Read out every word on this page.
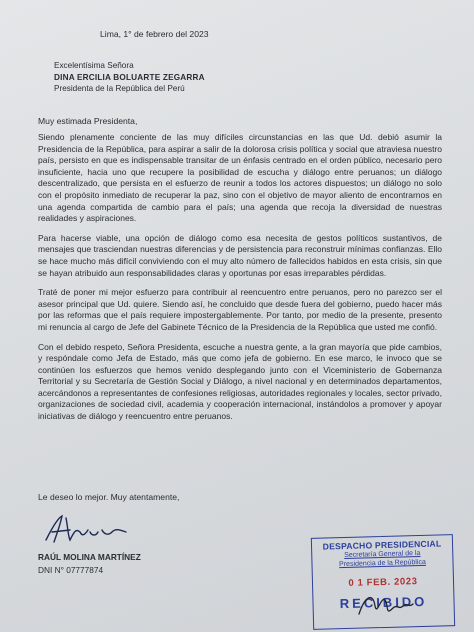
Lima, 1° de febrero del 2023
Excelentísima Señora
DINA ERCILIA BOLUARTE ZEGARRA
Presidenta de la República del Perú
Muy estimada Presidenta,

Siendo plenamente conciente de las muy difíciles circunstancias en las que Ud. debió asumir la Presidencia de la República, para aspirar a salir de la dolorosa crisis política y social que atraviesa nuestro país, persisto en que es indispensable transitar de un énfasis centrado en el orden público, necesario pero insuficiente, hacia uno que recupere la posibilidad de escucha y diálogo entre peruanos; un diálogo descentralizado, que persista en el esfuerzo de reunir a todos los actores dispuestos; un diálogo no solo con el propósito inmediato de recuperar la paz, sino con el objetivo de mayor aliento de encontrarnos en una agenda compartida de cambio para el país; una agenda que recoja la diversidad de nuestras realidades y aspiraciones.

Para hacerse viable, una opción de diálogo como esa necesita de gestos políticos sustantivos, de mensajes que trasciendan nuestras diferencias y de persistencia para reconstruir mínimas confianzas. Ello se hace mucho más difícil conviviendo con el muy alto número de fallecidos habidos en esta crisis, sin que se hayan atribuido aun responsabilidades claras y oportunas por esas irreparables pérdidas.

Traté de poner mi mejor esfuerzo para contribuir al reencuentro entre peruanos, pero no parezco ser el asesor principal que Ud. quiere. Siendo así, he concluido que desde fuera del gobierno, puedo hacer más por las reformas que el país requiere impostergablemente. Por tanto, por medio de la presente, presento mi renuncia al cargo de Jefe del Gabinete Técnico de la Presidencia de la República que usted me confió.

Con el debido respeto, Señora Presidenta, escuche a nuestra gente, a la gran mayoría que pide cambios, y respóndale como Jefa de Estado, más que como jefa de gobierno. En ese marco, le invoco que se continúen los esfuerzos que hemos venido desplegando junto con el Viceministerio de Gobernanza Territorial y su Secretaría de Gestión Social y Diálogo, a nivel nacional y en determinados departamentos, acercándonos a representantes de confesiones religiosas, autoridades regionales y locales, sector privado, organizaciones de sociedad civil, academia y cooperación internacional, instándolos a promover y apoyar iniciativas de diálogo y reencuentro entre peruanos.

Le deseo lo mejor. Muy atentamente,
RAÚL MOLINA MARTÍNEZ
DNI N° 07777874
DESPACHO PRESIDENCIAL
Secretaría General de la
Presidencia de la República
0 1 FEB. 2023
RECIBIDO
